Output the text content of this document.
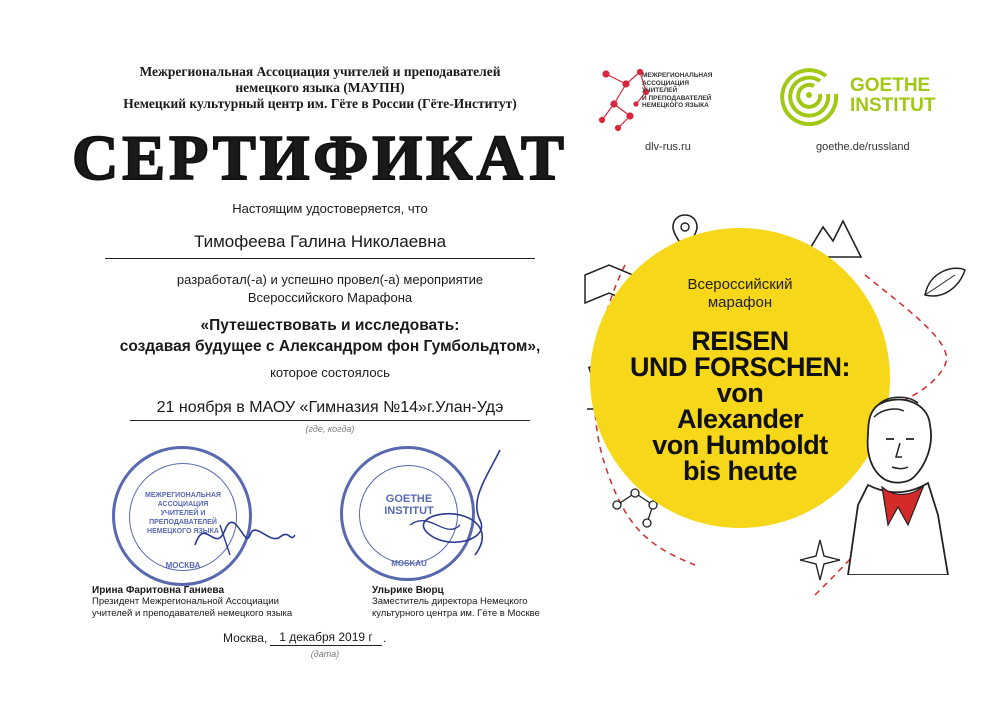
Межрегиональная Ассоциация учителей и преподавателей
немецкого языка (МАУПН)
Немецкий культурный центр им. Гёте в России (Гёте-Институт)
СЕРТИФИКАТ
МЕЖРЕГИОНАЛЬНАЯ
АССОЦИАЦИЯ
УЧИТЕЛЕЙ
И ПРЕПОДАВАТЕЛЕЙ
НЕМЕЦКОГО ЯЗЫКА
dlv-rus.ru
GOETHE
INSTITUT
goethe.de/russland
Настоящим удостоверяется, что
Тимофеева Галина Николаевна
разработал(-а) и успешно провел(-а) мероприятие
Всероссийского Марафона
«Путешествовать и исследовать:
создавая будущее с Александром фон Гумбольдтом»,
которое состоялось
21 ноября в МАОУ «Гимназия №14»г.Улан-Удэ
(где, когда)
МЕЖРЕГИОНАЛЬНАЯ
АССОЦИАЦИЯ
УЧИТЕЛЕЙ И ПРЕПОДАВАТЕЛЕЙ
НЕМЕЦКОГО ЯЗЫКА
МОСКВА
GOETHE
INSTITUT
MOSKAU
Ирина Фаритовна Ганиева
Президент Межрегиональной Ассоциации
учителей и преподавателей немецкого языка
Ульрике Вюрц
Заместитель директора Немецкого
культурного центра им. Гёте в Москве
Москва, 1 декабря 2019 г .
(дата)
Всероссийский
марафон
REISEN
UND FORSCHEN:
von
Alexander
von Humboldt
bis heute
